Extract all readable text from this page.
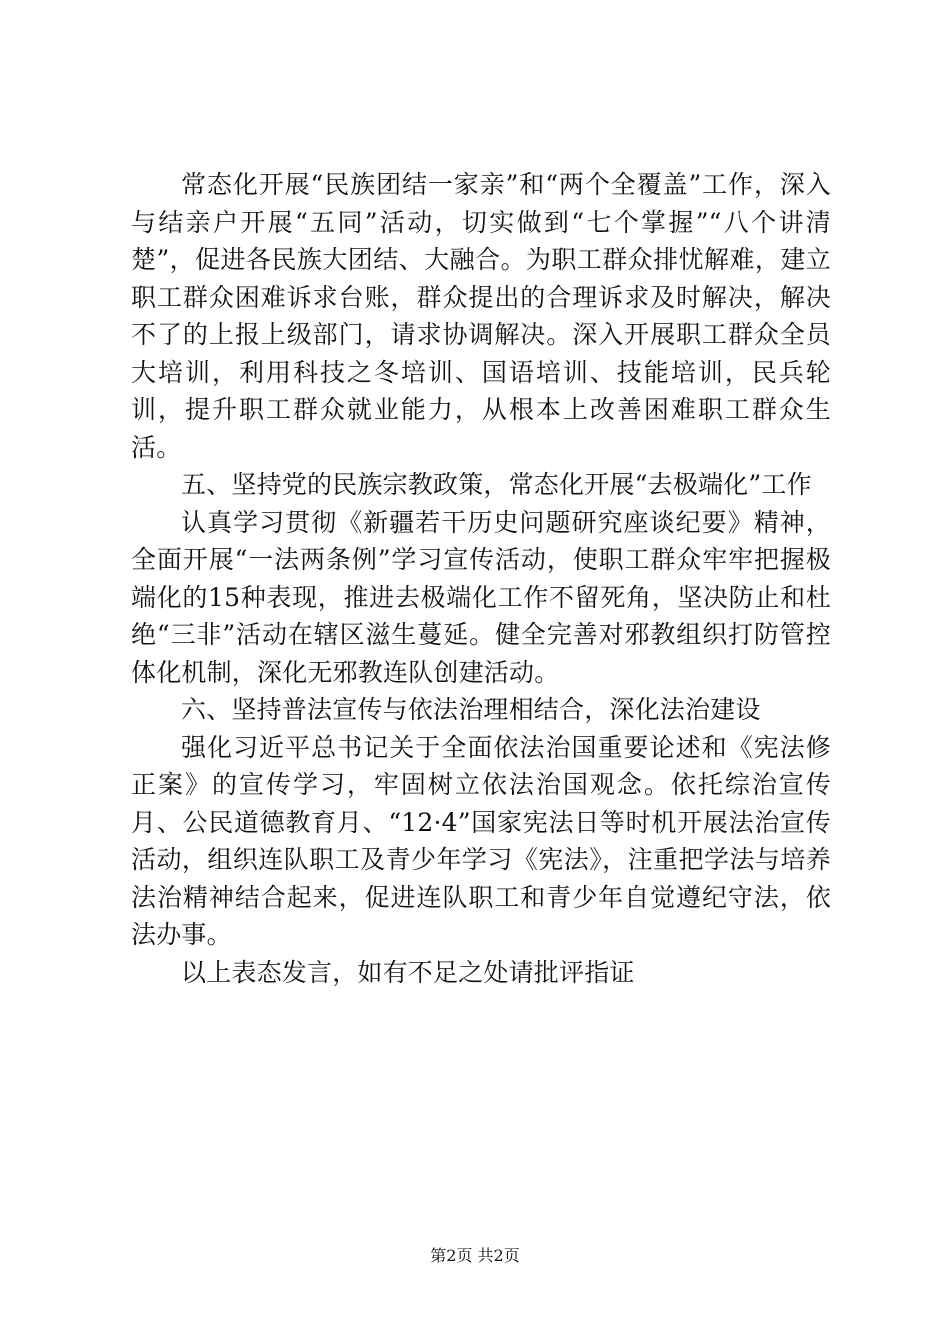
常态化开展“民族团结一家亲”和“两个全覆盖”工作，深入与结亲户开展“五同”活动，切实做到“七个掌握”“八个讲清楚”，促进各民族大团结、大融合。为职工群众排忧解难，建立职工群众困难诉求台账，群众提出的合理诉求及时解决，解决不了的上报上级部门，请求协调解决。深入开展职工群众全员大培训，利用科技之冬培训、国语培训、技能培训，民兵轮训，提升职工群众就业能力，从根本上改善困难职工群众生活。

五、坚持党的民族宗教政策，常态化开展“去极端化”工作

认真学习贯彻《新疆若干历史问题研究座谈纪要》精神，全面开展“一法两条例”学习宣传活动，使职工群众牢牢把握极端化的15种表现，推进去极端化工作不留死角，坚决防止和杜绝“三非”活动在辖区滋生蔓延。健全完善对邪教组织打防管控体化机制，深化无邪教连队创建活动。

六、坚持普法宣传与依法治理相结合，深化法治建设

强化习近平总书记关于全面依法治国重要论述和《宪法修正案》的宣传学习，牢固树立依法治国观念。依托综治宣传月、公民道德教育月、“12·4”国家宪法日等时机开展法治宣传活动，组织连队职工及青少年学习《宪法》，注重把学法与培养法治精神结合起来，促进连队职工和青少年自觉遵纪守法，依法办事。

以上表态发言，如有不足之处请批评指证

第2页 共2页
